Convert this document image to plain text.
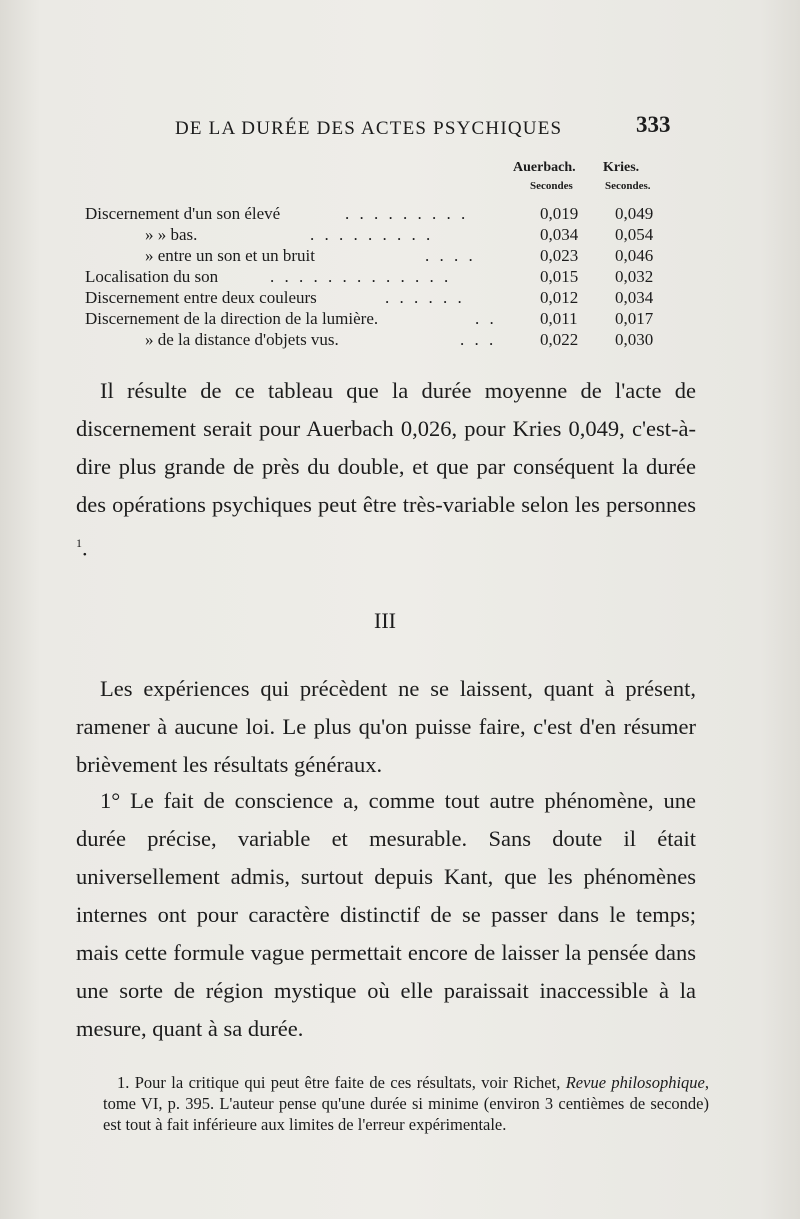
DE LA DURÉE DES ACTES PSYCHIQUES	333
Auerbach. Kries.
Secondes	Secondes.
Discernement d'un son élevé	. . . . . . . . .	0,019 0,049
» » bas.	. . . . . . . . .	0,034 0,054
» entre un son et un bruit	. . . .	0,023 0,046
Localisation du son	. . . . . . . . . . . . .	0,015 0,032
Discernement entre deux couleurs	. . . . . .	0,012 0,034
Discernement de la direction de la lumière.	. .	0,011 0,017
» de la distance d'objets vus.	. . .	0,022 0,030
Il résulte de ce tableau que la durée moyenne de l'acte de discernement serait pour Auerbach 0,026, pour Kries 0,049, c'est-à-dire plus grande de près du double, et que par conséquent la durée des opérations psychiques peut être très-variable selon les personnes $^1$.
III
Les expériences qui précèdent ne se laissent, quant à présent, ramener à aucune loi. Le plus qu'on puisse faire, c'est d'en résumer brièvement les résultats généraux.
1° Le fait de conscience a, comme tout autre phénomène, une durée précise, variable et mesurable. Sans doute il était universellement admis, surtout depuis Kant, que les phénomènes internes ont pour caractère distinctif de se passer dans le temps; mais cette formule vague permettait encore de laisser la pensée dans une sorte de région mystique où elle paraissait inaccessible à la mesure, quant à sa durée.
1. Pour la critique qui peut être faite de ces résultats, voir Richet, Revue philosophique, tome VI, p. 395. L'auteur pense qu'une durée si minime (environ 3 centièmes de seconde) est tout à fait inférieure aux limites de l'erreur expérimentale.
